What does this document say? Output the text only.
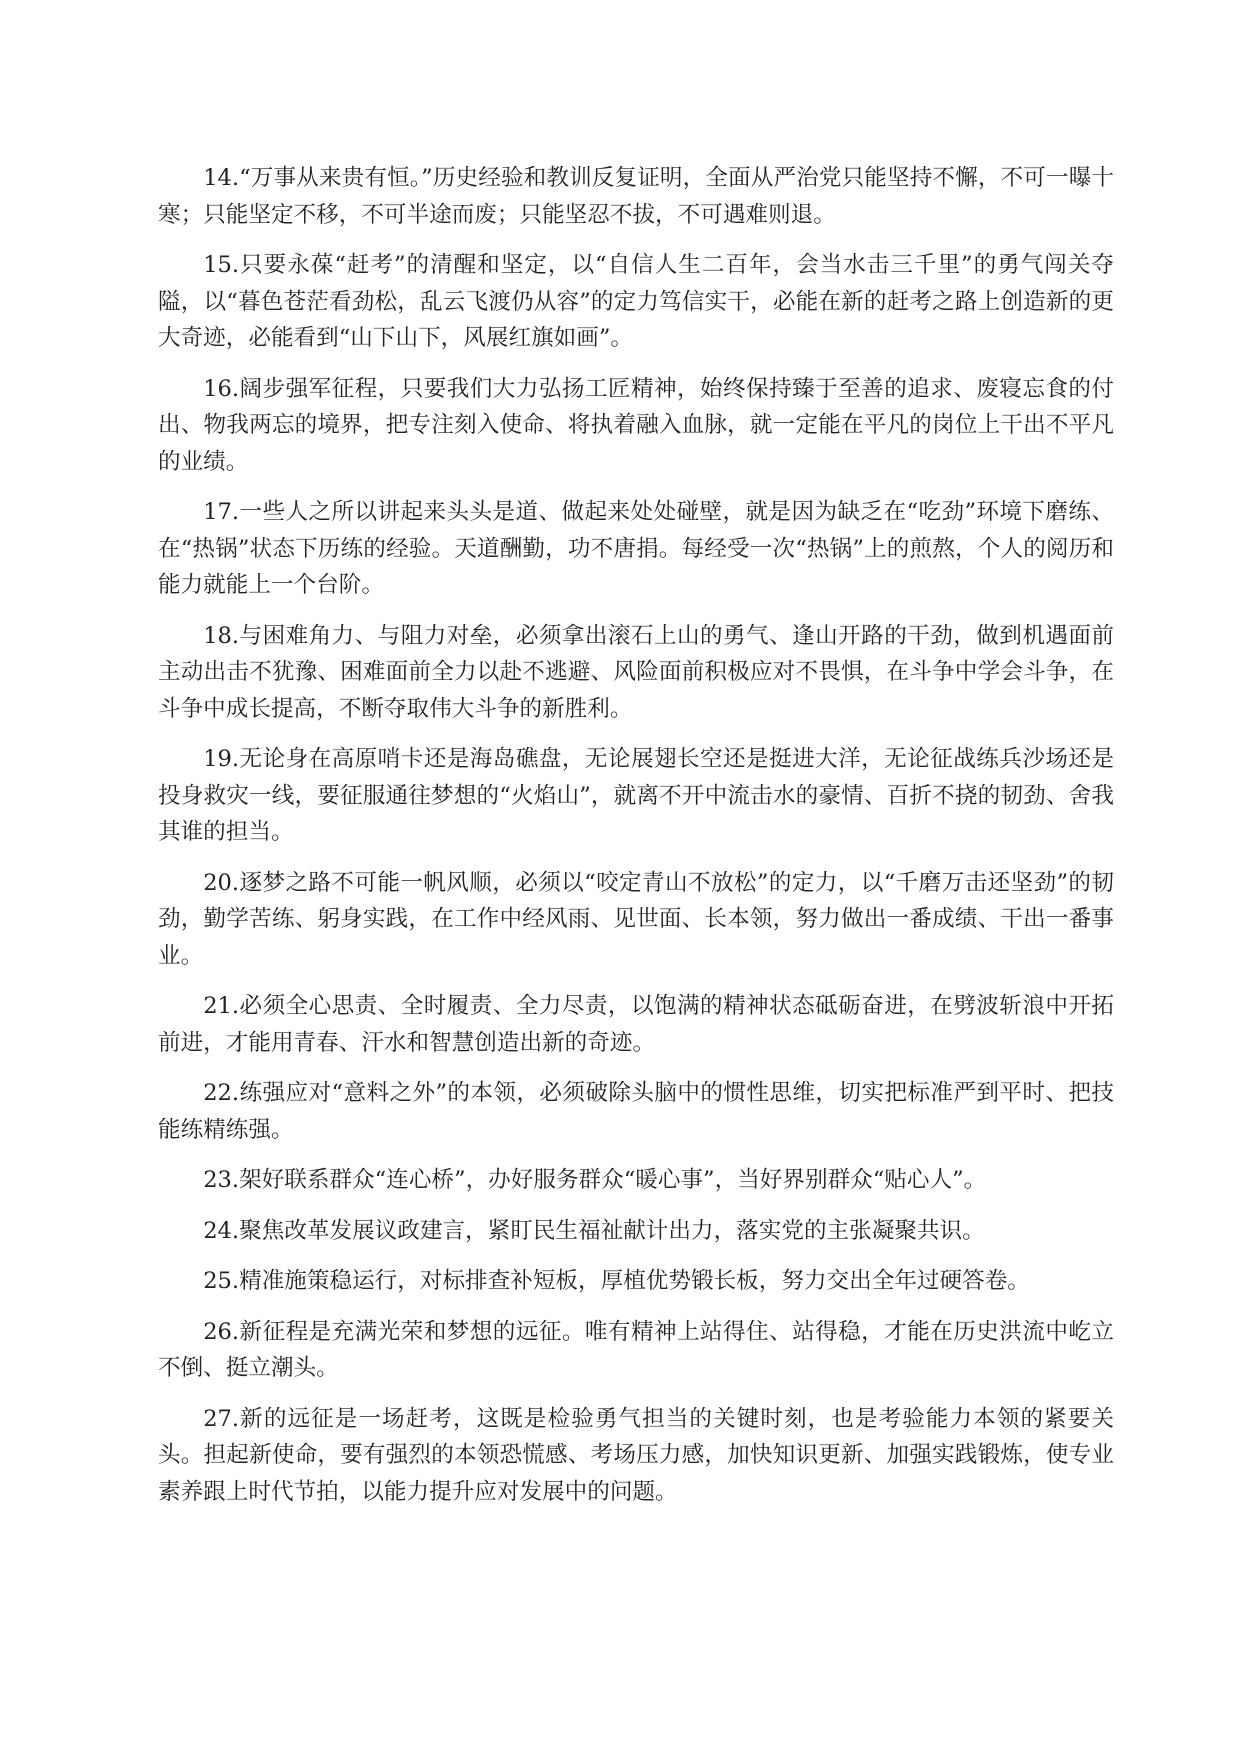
14.“万事从来贵有恒。”历史经验和教训反复证明，全面从严治党只能坚持不懈，不可一曝十寒；只能坚定不移，不可半途而废；只能坚忍不拔，不可遇难则退。

15.只要永葆“赶考”的清醒和坚定，以“自信人生二百年，会当水击三千里”的勇气闯关夺隘，以“暮色苍茫看劲松，乱云飞渡仍从容”的定力笃信实干，必能在新的赶考之路上创造新的更大奇迹，必能看到“山下山下，风展红旗如画”。

16.阔步强军征程，只要我们大力弘扬工匠精神，始终保持臻于至善的追求、废寝忘食的付出、物我两忘的境界，把专注刻入使命、将执着融入血脉，就一定能在平凡的岗位上干出不平凡的业绩。

17.一些人之所以讲起来头头是道、做起来处处碰壁，就是因为缺乏在“吃劲”环境下磨练、在“热锅”状态下历练的经验。天道酬勤，功不唐捐。每经受一次“热锅”上的煎熬，个人的阅历和能力就能上一个台阶。

18.与困难角力、与阻力对垒，必须拿出滚石上山的勇气、逢山开路的干劲，做到机遇面前主动出击不犹豫、困难面前全力以赴不逃避、风险面前积极应对不畏惧，在斗争中学会斗争，在斗争中成长提高，不断夺取伟大斗争的新胜利。

19.无论身在高原哨卡还是海岛礁盘，无论展翅长空还是挺进大洋，无论征战练兵沙场还是投身救灾一线，要征服通往梦想的“火焰山”，就离不开中流击水的豪情、百折不挠的韧劲、舍我其谁的担当。

20.逐梦之路不可能一帆风顺，必须以“咬定青山不放松”的定力，以“千磨万击还坚劲”的韧劲，勤学苦练、躬身实践，在工作中经风雨、见世面、长本领，努力做出一番成绩、干出一番事业。

21.必须全心思责、全时履责、全力尽责，以饱满的精神状态砥砺奋进，在劈波斩浪中开拓前进，才能用青春、汗水和智慧创造出新的奇迹。

22.练强应对“意料之外”的本领，必须破除头脑中的惯性思维，切实把标准严到平时、把技能练精练强。

23.架好联系群众“连心桥”，办好服务群众“暖心事”，当好界别群众“贴心人”。

24.聚焦改革发展议政建言，紧盯民生福祉献计出力，落实党的主张凝聚共识。

25.精准施策稳运行，对标排查补短板，厚植优势锻长板，努力交出全年过硬答卷。

26.新征程是充满光荣和梦想的远征。唯有精神上站得住、站得稳，才能在历史洪流中屹立不倒、挺立潮头。

27.新的远征是一场赶考，这既是检验勇气担当的关键时刻，也是考验能力本领的紧要关头。担起新使命，要有强烈的本领恐慌感、考场压力感，加快知识更新、加强实践锻炼，使专业素养跟上时代节拍，以能力提升应对发展中的问题。
